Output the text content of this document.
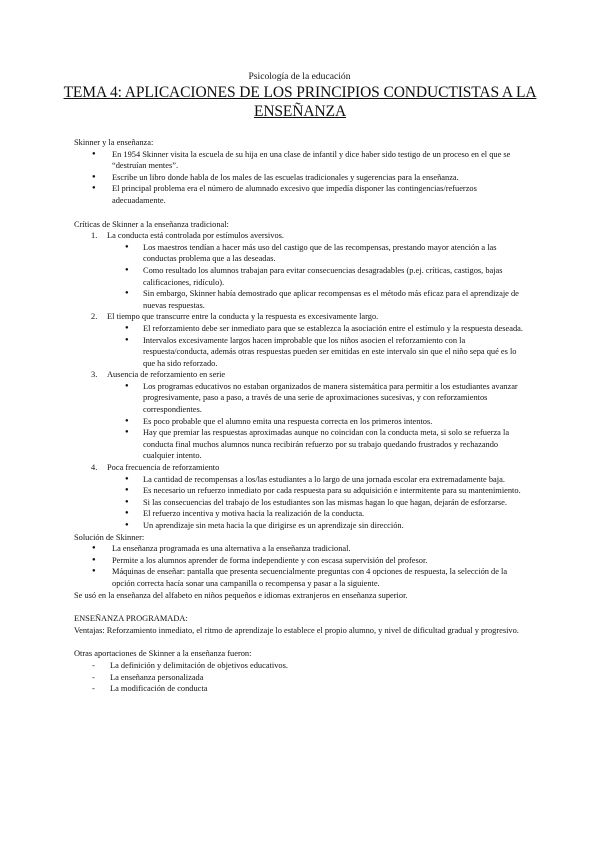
Psicología de la educación
TEMA 4: APLICACIONES DE LOS PRINCIPIOS CONDUCTISTAS A LA ENSEÑANZA

Skinner y la enseñanza:

● En 1954 Skinner visita la escuela de su hija en una clase de infantil y dice haber sido testigo de un proceso en el que se “destruían mentes”.
● Escribe un libro donde habla de los males de las escuelas tradicionales y sugerencias para la enseñanza.
● El principal problema era el número de alumnado excesivo que impedía disponer las contingencias/refuerzos adecuadamente.

Críticas de Skinner a la enseñanza tradicional:

1. La conducta está controlada por estímulos aversivos.
● Los maestros tendían a hacer más uso del castigo que de las recompensas, prestando mayor atención a las conductas problema que a las deseadas.
● Como resultado los alumnos trabajan para evitar consecuencias desagradables (p.ej. críticas, castigos, bajas calificaciones, ridículo).
● Sin embargo, Skinner había demostrado que aplicar recompensas es el método más eficaz para el aprendizaje de nuevas respuestas.
2. El tiempo que transcurre entre la conducta y la respuesta es excesivamente largo.
● El reforzamiento debe ser inmediato para que se establezca la asociación entre el estímulo y la respuesta deseada.
● Intervalos excesivamente largos hacen improbable que los niños asocien el reforzamiento con la respuesta/conducta, además otras respuestas pueden ser emitidas en este intervalo sin que el niño sepa qué es lo que ha sido reforzado.
3. Ausencia de reforzamiento en serie
● Los programas educativos no estaban organizados de manera sistemática para permitir a los estudiantes avanzar progresivamente, paso a paso, a través de una serie de aproximaciones sucesivas, y con reforzamientos correspondientes.
● Es poco probable que el alumno emita una respuesta correcta en los primeros intentos.
● Hay que premiar las respuestas aproximadas aunque no coincidan con la conducta meta, si solo se refuerza la conducta final muchos alumnos nunca recibirán refuerzo por su trabajo quedando frustrados y rechazando cualquier intento.
4. Poca frecuencia de reforzamiento
● La cantidad de recompensas a los/las estudiantes a lo largo de una jornada escolar era extremadamente baja.
● Es necesario un refuerzo inmediato por cada respuesta para su adquisición e intermitente para su mantenimiento.
● Si las consecuencias del trabajo de los estudiantes son las mismas hagan lo que hagan, dejarán de esforzarse.
● El refuerzo incentiva y motiva hacia la realización de la conducta.
● Un aprendizaje sin meta hacia la que dirigirse es un aprendizaje sin dirección.

Solución de Skinner:

● La enseñanza programada es una alternativa a la enseñanza tradicional.
● Permite a los alumnos aprender de forma independiente y con escasa supervisión del profesor.
● Máquinas de enseñar: pantalla que presenta secuencialmente preguntas con 4 opciones de respuesta, la selección de la opción correcta hacía sonar una campanilla o recompensa y pasar a la siguiente.

Se usó en la enseñanza del alfabeto en niños pequeños e idiomas extranjeros en enseñanza superior.

ENSEÑANZA PROGRAMADA:

Ventajas: Reforzamiento inmediato, el ritmo de aprendizaje lo establece el propio alumno, y nivel de dificultad gradual y progresivo.

Otras aportaciones de Skinner a la enseñanza fueron:

- La definición y delimitación de objetivos educativos.
- La enseñanza personalizada
- La modificación de conducta
